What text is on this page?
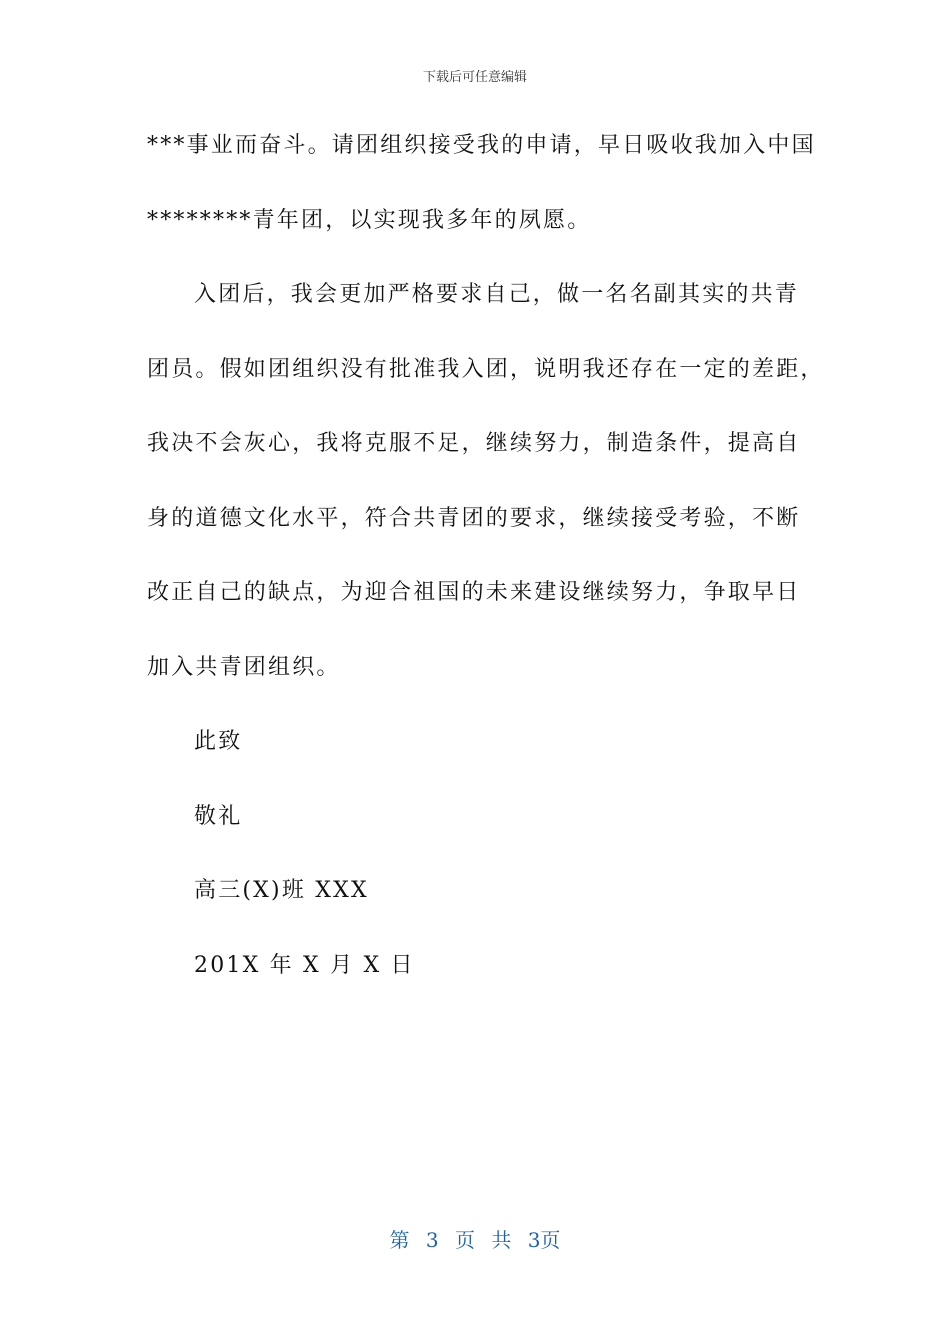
下载后可任意编辑
***事业而奋斗。请团组织接受我的申请，早日吸收我加入中国
********青年团，以实现我多年的夙愿。
入团后，我会更加严格要求自己，做一名名副其实的共青
团员。假如团组织没有批准我入团，说明我还存在一定的差距，
我决不会灰心，我将克服不足，继续努力，制造条件，提高自
身的道德文化水平，符合共青团的要求，继续接受考验，不断
改正自己的缺点，为迎合祖国的未来建设继续努力，争取早日
加入共青团组织。
此致
敬礼
高三(X)班 XXX
201X 年 X 月 X 日
第 3 页 共 3页
